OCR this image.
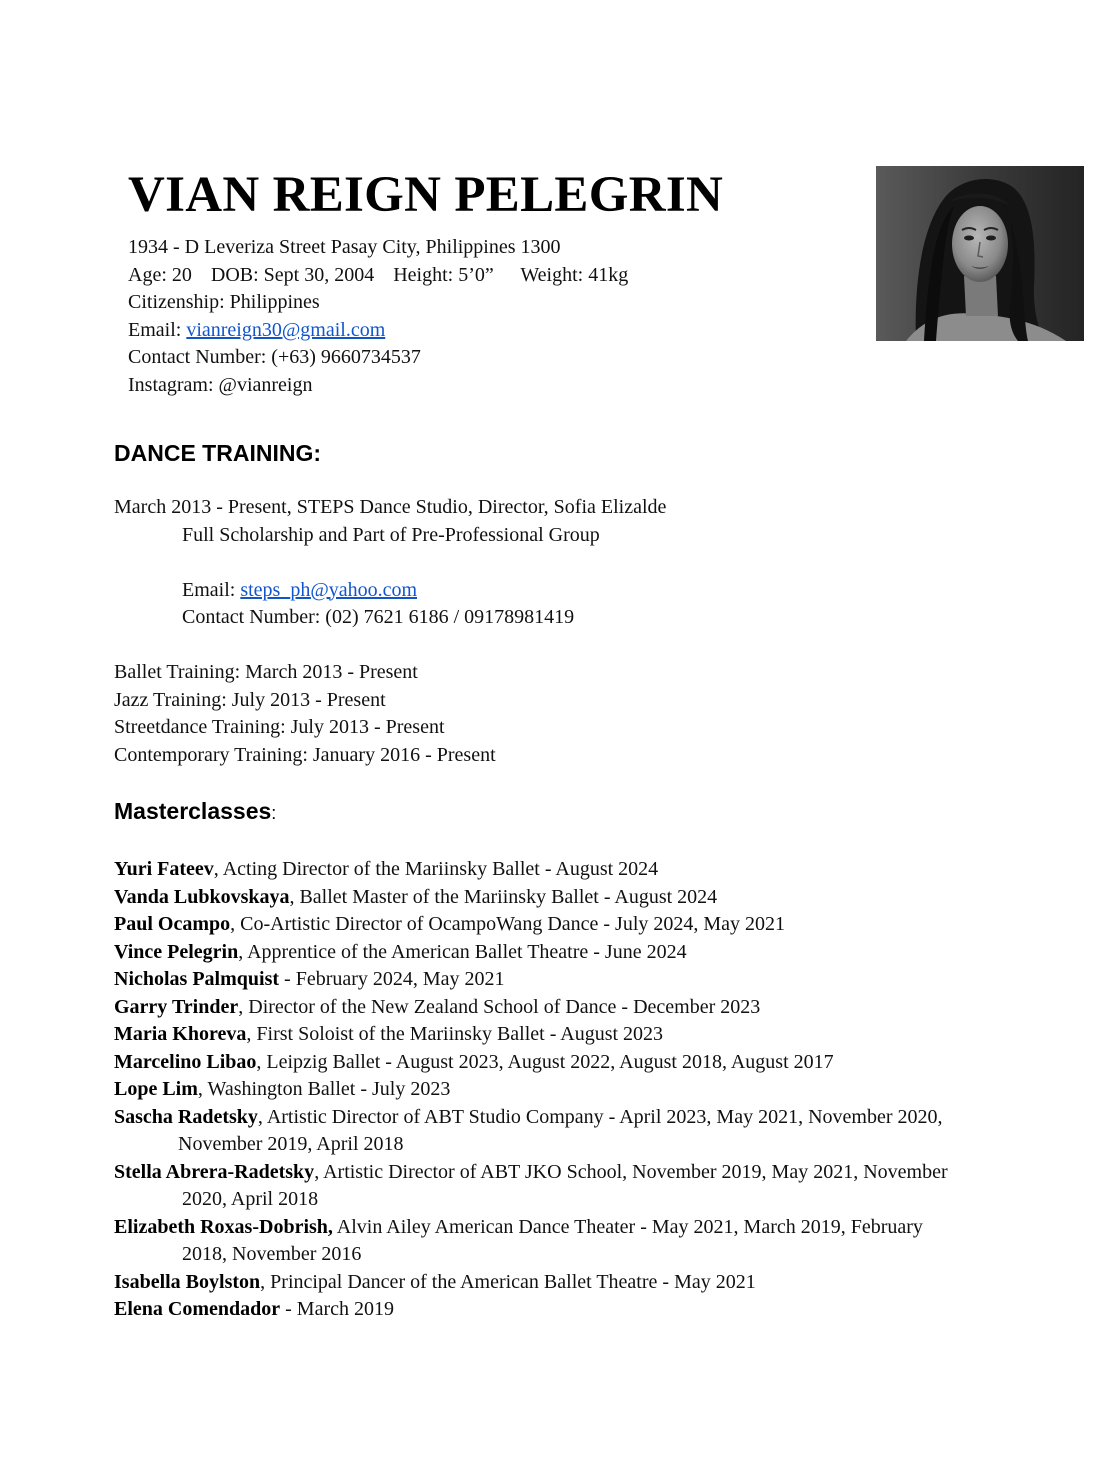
VIAN REIGN PELEGRIN
1934 - D Leveriza Street Pasay City, Philippines 1300
Age: 20 DOB: Sept 30, 2004 Height: 5’0” Weight: 41kg
Citizenship: Philippines
Email: vianreign30@gmail.com
Contact Number: (+63) 9660734537
Instagram: @vianreign
DANCE TRAINING:
March 2013 - Present, STEPS Dance Studio, Director, Sofia Elizalde
Full Scholarship and Part of Pre-Professional Group
Email: steps_ph@yahoo.com
Contact Number: (02) 7621 6186 / 09178981419
Ballet Training: March 2013 - Present
Jazz Training: July 2013 - Present
Streetdance Training: July 2013 - Present
Contemporary Training: January 2016 - Present
Masterclasses:
Yuri Fateev, Acting Director of the Mariinsky Ballet - August 2024
Vanda Lubkovskaya, Ballet Master of the Mariinsky Ballet - August 2024
Paul Ocampo, Co-Artistic Director of OcampoWang Dance - July 2024, May 2021
Vince Pelegrin, Apprentice of the American Ballet Theatre - June 2024
Nicholas Palmquist - February 2024, May 2021
Garry Trinder, Director of the New Zealand School of Dance - December 2023
Maria Khoreva, First Soloist of the Mariinsky Ballet - August 2023
Marcelino Libao, Leipzig Ballet - August 2023, August 2022, August 2018, August 2017
Lope Lim, Washington Ballet - July 2023
Sascha Radetsky, Artistic Director of ABT Studio Company - April 2023, May 2021, November 2020,
November 2019, April 2018
Stella Abrera-Radetsky, Artistic Director of ABT JKO School, November 2019, May 2021, November
2020, April 2018
Elizabeth Roxas-Dobrish, Alvin Ailey American Dance Theater - May 2021, March 2019, February
2018, November 2016
Isabella Boylston, Principal Dancer of the American Ballet Theatre - May 2021
Elena Comendador - March 2019
